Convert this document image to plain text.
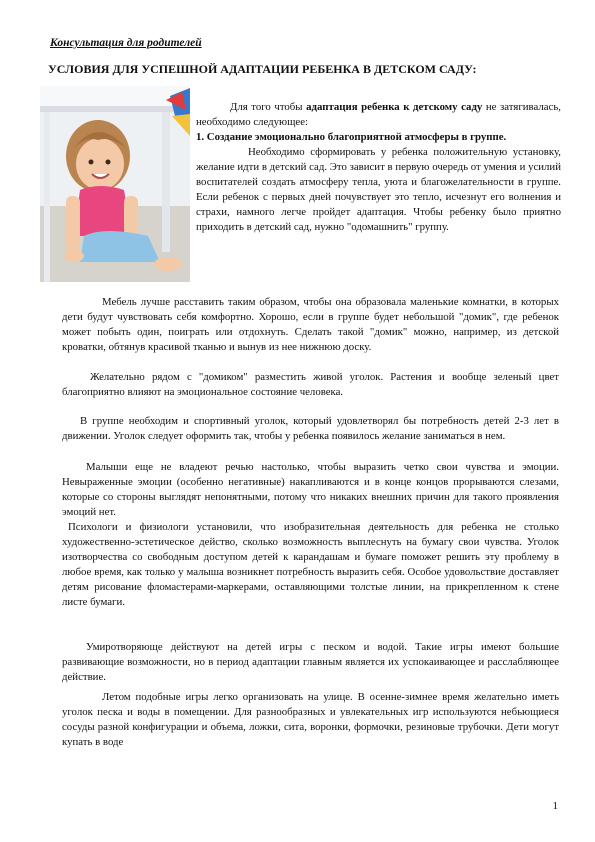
Консультация для родителей
УСЛОВИЯ ДЛЯ УСПЕШНОЙ АДАПТАЦИИ РЕБЕНКА В ДЕТСКОМ САДУ:

Для того чтобы адаптация ребенка к детскому саду не затягивалась, необходимо следующее:

1. Создание эмоционально благоприятной атмосферы в группе.

Необходимо сформировать у ребенка положительную установку, желание идти в детский сад. Это зависит в первую очередь от умения и усилий воспитателей создать атмосферу тепла, уюта и благожелательности в группе. Если ребенок с первых дней почувствует это тепло, исчезнут его волнения и страхи, намного легче пройдет адаптация. Чтобы ребенку было приятно приходить в детский сад, нужно "одомашнить" группу.

Мебель лучше расставить таким образом, чтобы она образовала маленькие комнатки, в которых дети будут чувствовать себя комфортно. Хорошо, если в группе будет небольшой "домик", где ребенок может побыть один, поиграть или отдохнуть. Сделать такой "домик" можно, например, из детской кроватки, обтянув красивой тканью и вынув из нее нижнюю доску.

Желательно рядом с "домиком" разместить живой уголок. Растения и вообще зеленый цвет благоприятно влияют на эмоциональное состояние человека.

В группе необходим и спортивный уголок, который удовлетворял бы потребность детей 2-3 лет в движении. Уголок следует оформить так, чтобы у ребенка появилось желание заниматься в нем.

Малыши еще не владеют речью настолько, чтобы выразить четко свои чувства и эмоции. Невыраженные эмоции (особенно негативные) накапливаются и в конце концов прорываются слезами, которые со стороны выглядят непонятными, потому что никаких внешних причин для такого проявления эмоций нет.

Психологи и физиологи установили, что изобразительная деятельность для ребенка не столько художественно-эстетическое действо, сколько возможность выплеснуть на бумагу свои чувства. Уголок изотворчества со свободным доступом детей к карандашам и бумаге поможет решить эту проблему в любое время, как только у малыша возникнет потребность выразить себя. Особое удовольствие доставляет детям рисование фломастерами-маркерами, оставляющими толстые линии, на прикрепленном к стене листе бумаги.

Умиротворяюще действуют на детей игры с песком и водой. Такие игры имеют большие развивающие возможности, но в период адаптации главным является их успокаивающее и расслабляющее действие.

Летом подобные игры легко организовать на улице. В осенне-зимнее время желательно иметь уголок песка и воды в помещении. Для разнообразных и увлекательных игр используются небьющиеся сосуды разной конфигурации и объема, ложки, сита, воронки, формочки, резиновые трубочки. Дети могут купать в воде

1
